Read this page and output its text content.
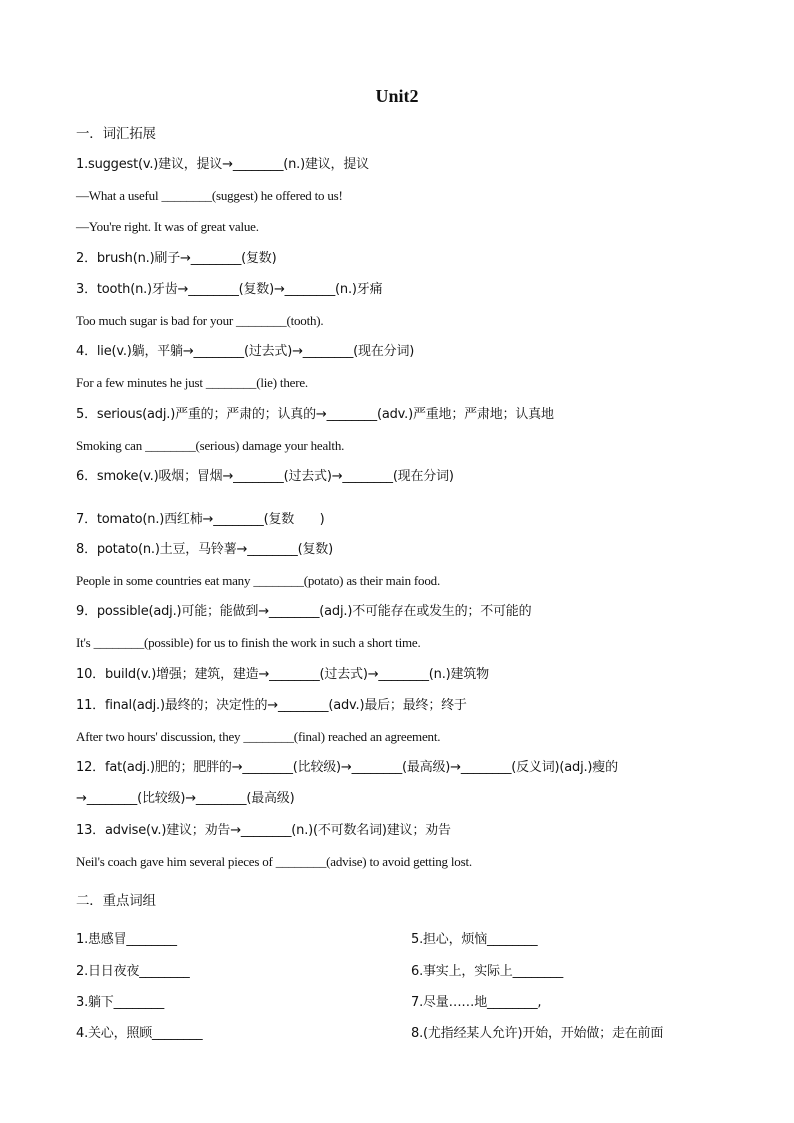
Unit2
一．词汇拓展
1.suggest(v.)建议，提议→________(n.)建议，提议
—What a useful ________(suggest) he offered to us!
—You're right. It was of great value.
2．brush(n.)刷子→________(复数)
3．tooth(n.)牙齿→________(复数)→________(n.)牙痛
Too much sugar is bad for your ________(tooth).
4．lie(v.)躺，平躺→________(过去式)→________(现在分词)
For a few minutes he just ________(lie) there.
5．serious(adj.)严重的；严肃的；认真的→________(adv.)严重地；严肃地；认真地
Smoking can ________(serious) damage your health.
6．smoke(v.)吸烟；冒烟→________(过去式)→________(现在分词)
7．tomato(n.)西红柿→________(复数　　)
8．potato(n.)土豆，马铃薯→________(复数)
People in some countries eat many ________(potato) as their main food.
9．possible(adj.)可能；能做到→________(adj.)不可能存在或发生的；不可能的
It's ________(possible) for us to finish the work in such a short time.
10．build(v.)增强；建筑，建造→________(过去式)→________(n.)建筑物
11．final(adj.)最终的；决定性的→________(adv.)最后；最终；终于
After two hours' discussion, they ________(final) reached an agreement.
12．fat(adj.)肥的；肥胖的→________(比较级)→________(最高级)→________(反义词)(adj.)瘦的
→________(比较级)→________(最高级)
13．advise(v.)建议；劝告→________(n.)(不可数名词)建议；劝告
Neil's coach gave him several pieces of ________(advise) to avoid getting lost.
二．重点词组
1.患感冒________
2.日日夜夜________
3.躺下________
4.关心，照顾________
5.担心，烦恼________
6.事实上，实际上________
7.尽量……地________,
8.(尤指经某人允许)开始，开始做；走在前面
